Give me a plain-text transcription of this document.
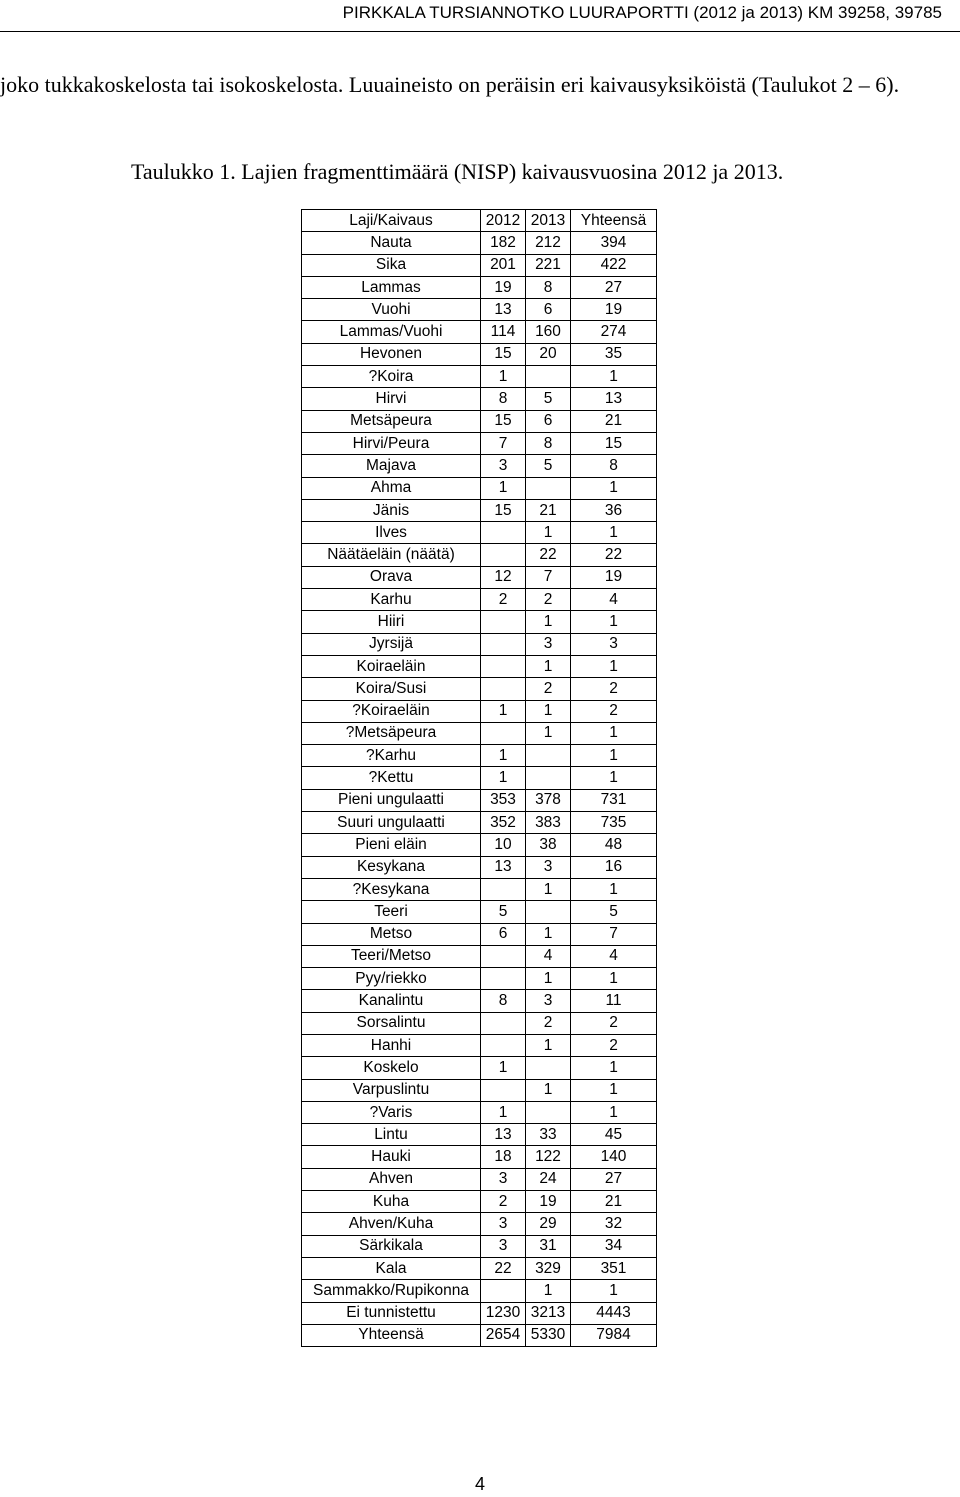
PIRKKALA TURSIANNOTKO LUURAPORTTI (2012 ja 2013) KM 39258, 39785
joko tukkakoskelosta tai isokoskelosta. Luuaineisto on peräisin eri kaivausyksiköistä (Taulukot 2 – 6).
Taulukko 1. Lajien fragmenttimäärä (NISP) kaivausvuosina 2012 ja 2013.
Laji/Kaivaus	2012	2013	Yhteensä
Nauta	182	212	394
Sika	201	221	422
Lammas	19	8	27
Vuohi	13	6	19
Lammas/Vuohi	114	160	274
Hevonen	15	20	35
?Koira	1		1
Hirvi	8	5	13
Metsäpeura	15	6	21
Hirvi/Peura	7	8	15
Majava	3	5	8
Ahma	1		1
Jänis	15	21	36
Ilves		1	1
Näätäeläin (näätä)		22	22
Orava	12	7	19
Karhu	2	2	4
Hiiri		1	1
Jyrsijä		3	3
Koiraeläin		1	1
Koira/Susi		2	2
?Koiraeläin	1	1	2
?Metsäpeura		1	1
?Karhu	1		1
?Kettu	1		1
Pieni ungulaatti	353	378	731
Suuri ungulaatti	352	383	735
Pieni eläin	10	38	48
Kesykana	13	3	16
?Kesykana		1	1
Teeri	5		5
Metso	6	1	7
Teeri/Metso		4	4
Pyy/riekko		1	1
Kanalintu	8	3	11
Sorsalintu		2	2
Hanhi		1	2
Koskelo	1		1
Varpuslintu		1	1
?Varis	1		1
Lintu	13	33	45
Hauki	18	122	140
Ahven	3	24	27
Kuha	2	19	21
Ahven/Kuha	3	29	32
Särkikala	3	31	34
Kala	22	329	351
Sammakko/Rupikonna		1	1
Ei tunnistettu	1230	3213	4443
Yhteensä	2654	5330	7984
4
